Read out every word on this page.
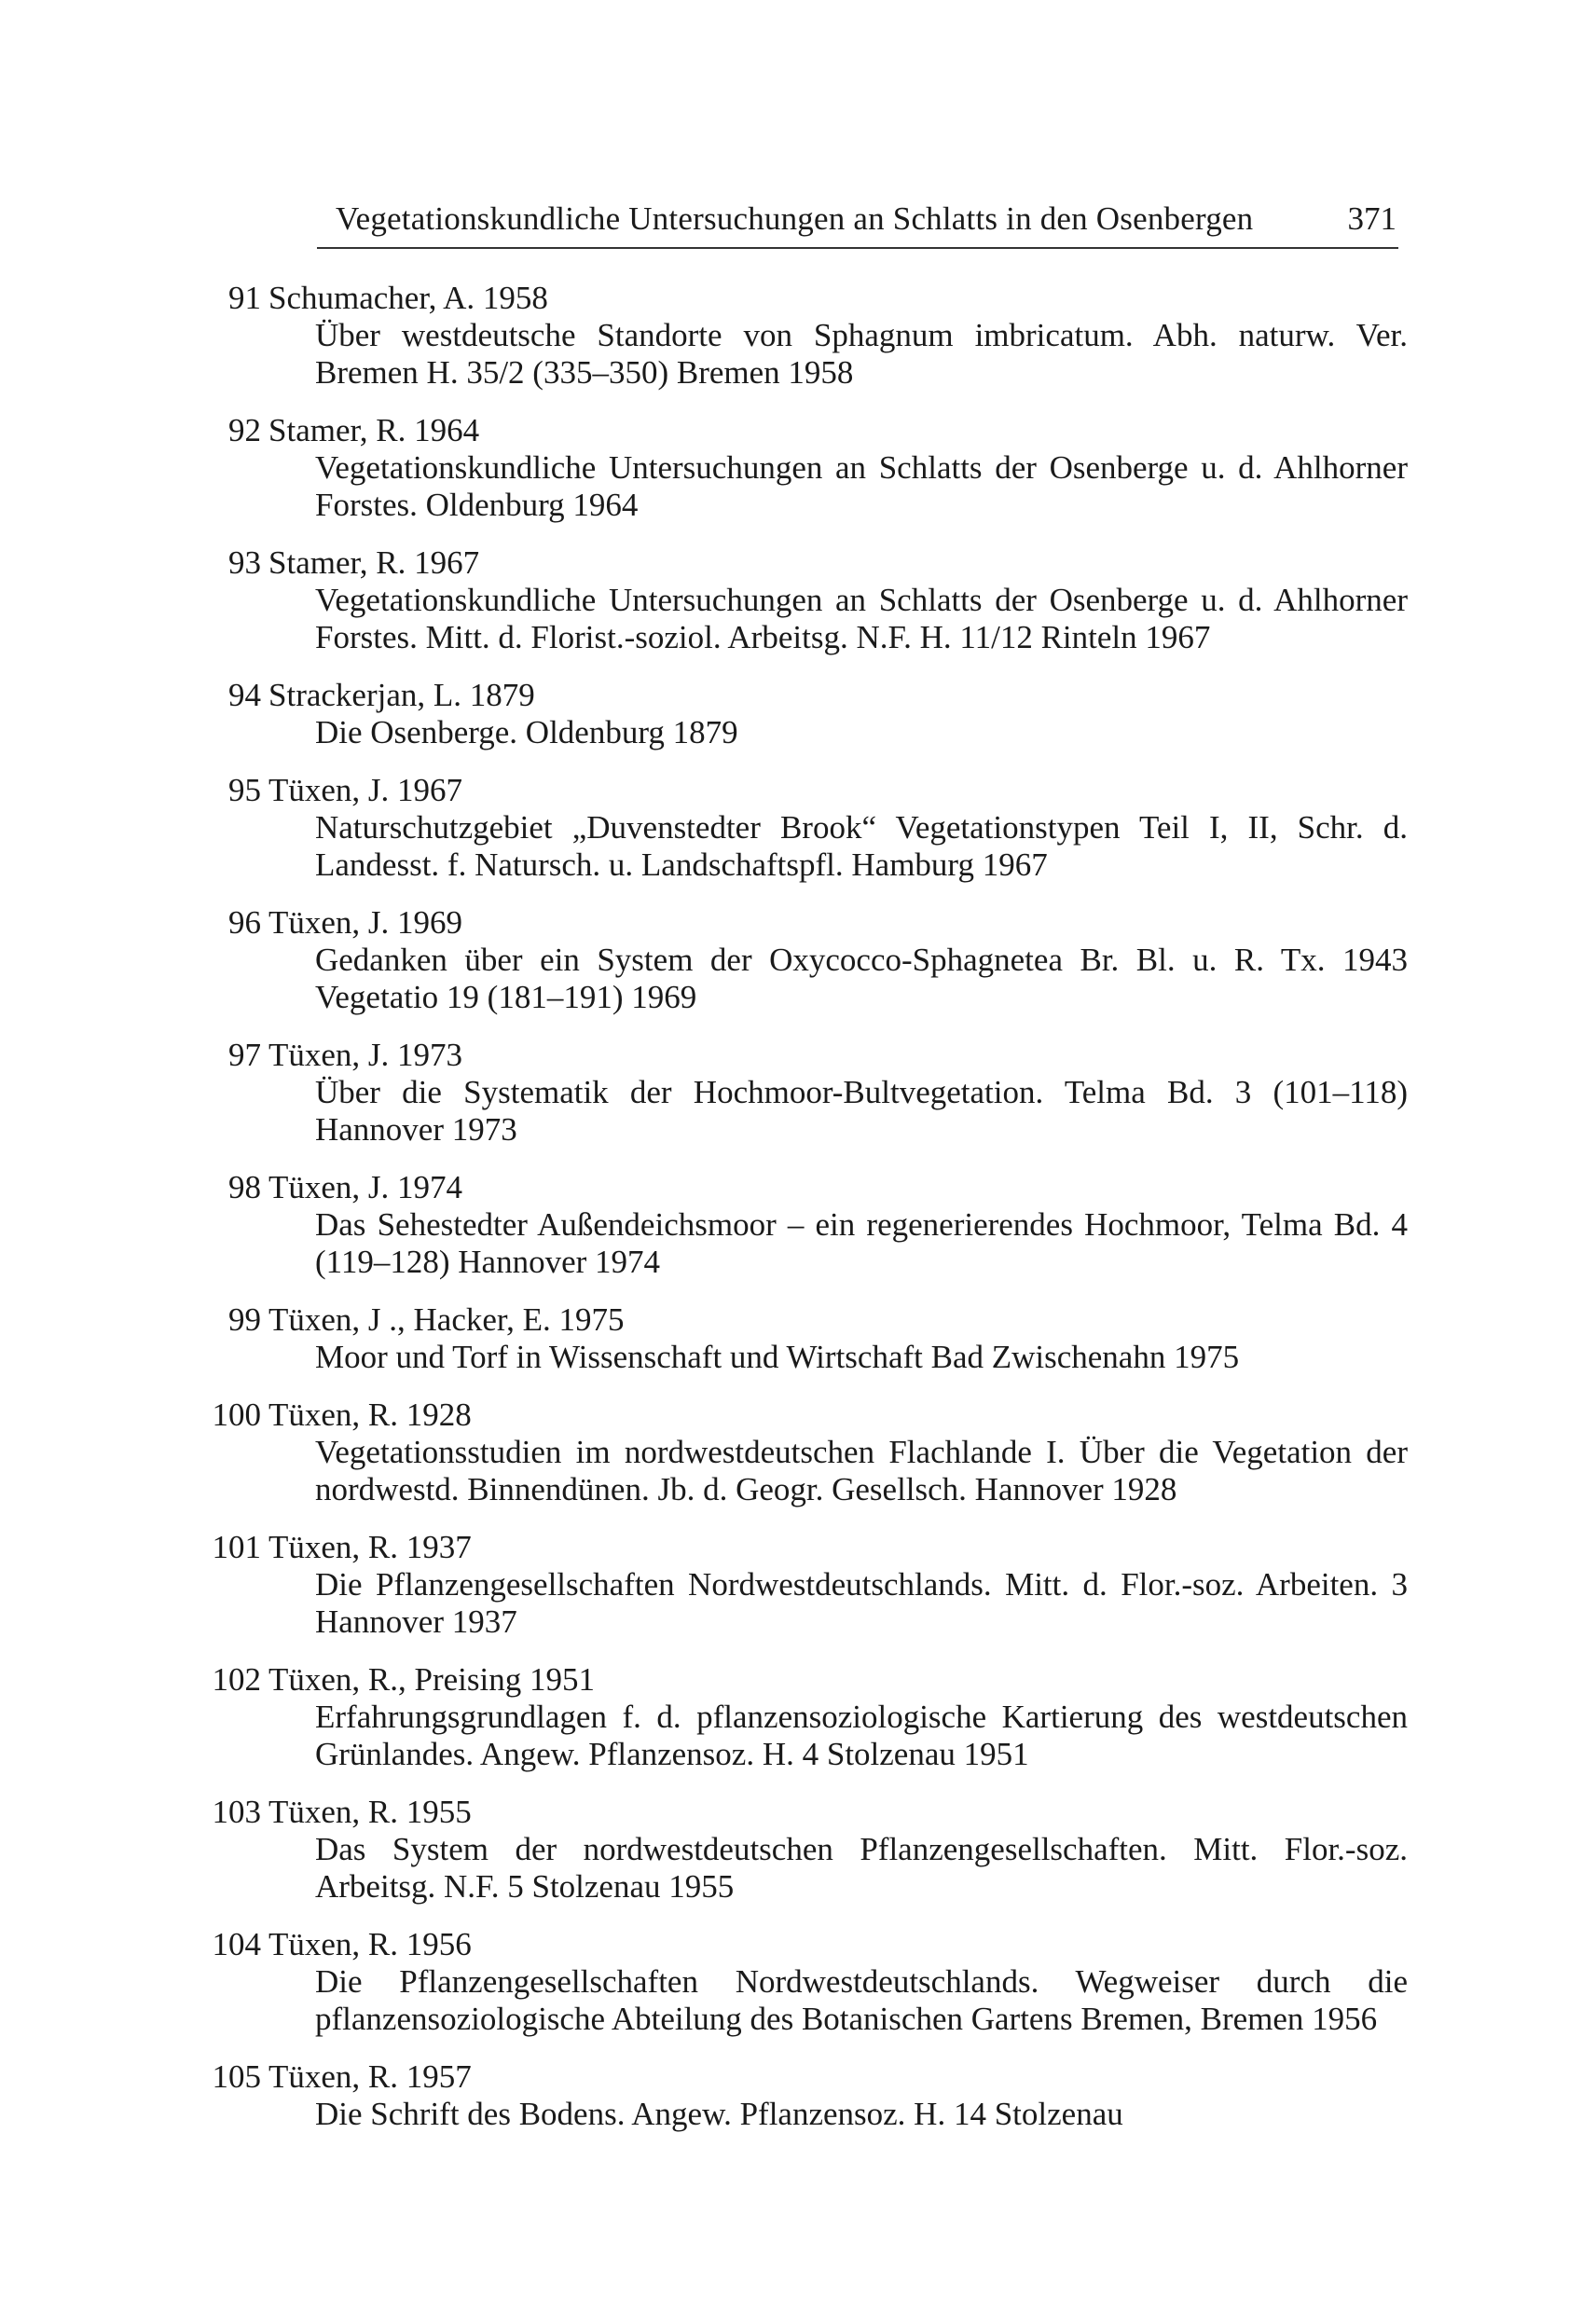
Vegetationskundliche Untersuchungen an Schlatts in den Osenbergen	371
91 Schumacher, A. 1958
Über westdeutsche Standorte von Sphagnum imbricatum. Abh. naturw. Ver. Bremen H. 35/2 (335–350) Bremen 1958
92 Stamer, R. 1964
Vegetationskundliche Untersuchungen an Schlatts der Osenberge u. d. Ahlhorner Forstes. Oldenburg 1964
93 Stamer, R. 1967
Vegetationskundliche Untersuchungen an Schlatts der Osenberge u. d. Ahlhorner Forstes. Mitt. d. Florist.-soziol. Arbeitsg. N.F. H. 11/12 Rinteln 1967
94 Strackerjan, L. 1879
Die Osenberge. Oldenburg 1879
95 Tüxen, J. 1967
Naturschutzgebiet „Duvenstedter Brook“ Vegetationstypen Teil I, II, Schr. d. Landesst. f. Natursch. u. Landschaftspfl. Hamburg 1967
96 Tüxen, J. 1969
Gedanken über ein System der Oxycocco-Sphagnetea Br. Bl. u. R. Tx. 1943 Vegetatio 19 (181–191) 1969
97 Tüxen, J. 1973
Über die Systematik der Hochmoor-Bultvegetation. Telma Bd. 3 (101–118) Hannover 1973
98 Tüxen, J. 1974
Das Sehestedter Außendeichsmoor – ein regenerierendes Hochmoor, Telma Bd. 4 (119–128) Hannover 1974
99 Tüxen, J ., Hacker, E. 1975
Moor und Torf in Wissenschaft und Wirtschaft Bad Zwischenahn 1975
100 Tüxen, R. 1928
Vegetationsstudien im nordwestdeutschen Flachlande I. Über die Vegetation der nordwestd. Binnendünen. Jb. d. Geogr. Gesellsch. Hannover 1928
101 Tüxen, R. 1937
Die Pflanzengesellschaften Nordwestdeutschlands. Mitt. d. Flor.-soz. Arbeiten. 3 Hannover 1937
102 Tüxen, R., Preising 1951
Erfahrungsgrundlagen f. d. pflanzensoziologische Kartierung des westdeutschen Grünlandes. Angew. Pflanzensoz. H. 4 Stolzenau 1951
103 Tüxen, R. 1955
Das System der nordwestdeutschen Pflanzengesellschaften. Mitt. Flor.-soz. Arbeitsg. N.F. 5 Stolzenau 1955
104 Tüxen, R. 1956
Die Pflanzengesellschaften Nordwestdeutschlands. Wegweiser durch die pflanzensoziologische Abteilung des Botanischen Gartens Bremen, Bremen 1956
105 Tüxen, R. 1957
Die Schrift des Bodens. Angew. Pflanzensoz. H. 14 Stolzenau
